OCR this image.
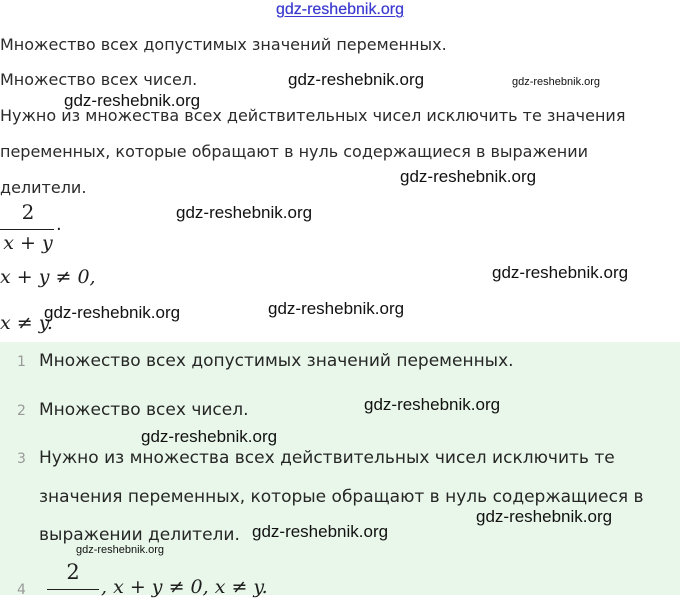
gdz-reshebnik.org
Множество всех допустимых значений переменных.
Множество всех чисел.
Нужно из множества всех действительных чисел исключить те значения
переменных, которые обращают в нуль содержащиеся в выражении
делители.
2
x + y
.
x + y ≠ 0,
x ≠ y.
1 Множество всех допустимых значений переменных.
2 Множество всех чисел.
3 Нужно из множества всех действительных чисел исключить те
значения переменных, которые обращают в нуль содержащиеся в
выражении делители.
4
2
, x + y ≠ 0, x ≠ y.
gdz-reshebnik.org	gdz-reshebnik.org
gdz-reshebnik.org
gdz-reshebnik.org
gdz-reshebnik.org
gdz-reshebnik.org
gdz-reshebnik.org
gdz-reshebnik.org
gdz-reshebnik.org
gdz-reshebnik.org
gdz-reshebnik.org
gdz-reshebnik.org
gdz-reshebnik.org
